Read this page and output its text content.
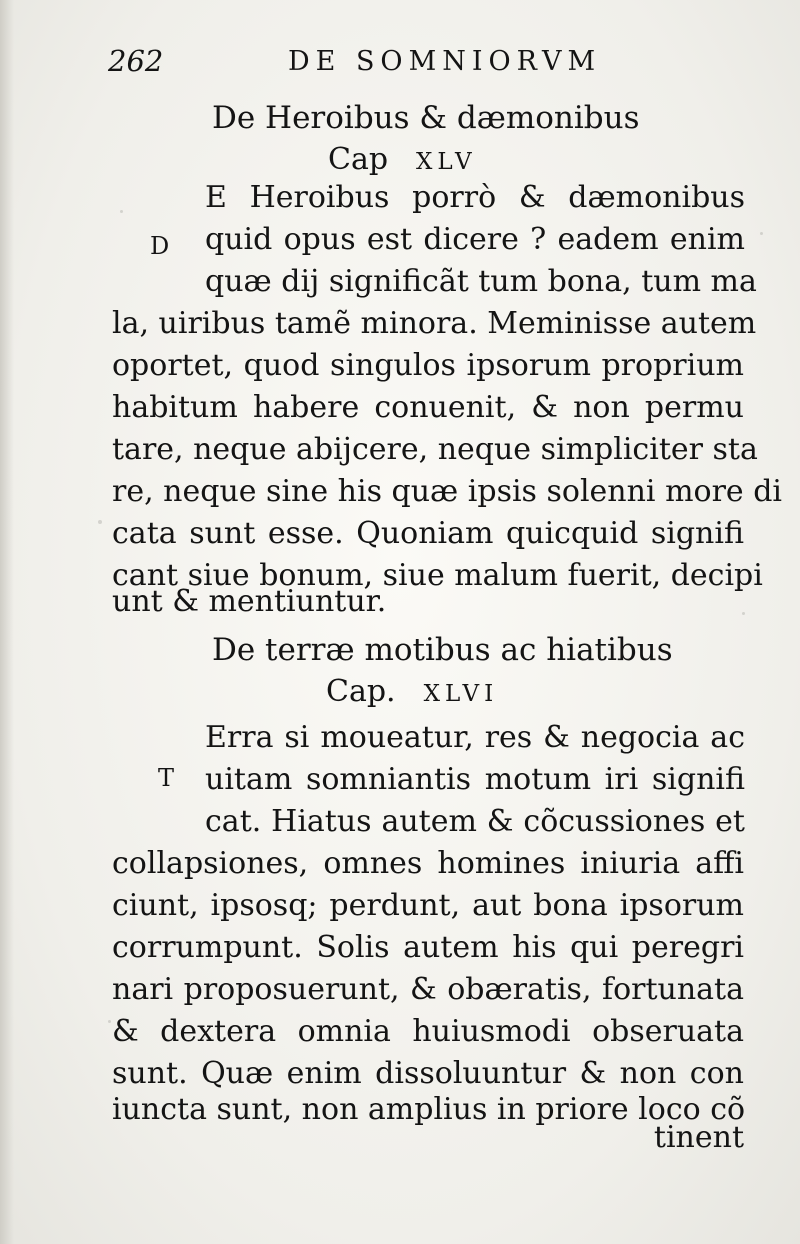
262	DE SOMNIORVM
De Heroibus & dæmonibus
Cap XLV
D
E Heroibus porrò & dæmonibus
quid opus est dicere ? eadem enim
quæ dij significãt tum bona, tum ma
la, uiribus tamẽ minora. Meminisse autem
oportet, quod singulos ipsorum proprium
habitum habere conuenit, & non permu
tare, neque abijcere, neque simpliciter sta
re, neque sine his quæ ipsis solenni more di
cata sunt esse. Quoniam quicquid signifi
cant siue bonum, siue malum fuerit, decipi
unt & mentiuntur.
De terræ motibus ac hiatibus
Cap. XLVI
T
Erra si moueatur, res & negocia ac
uitam somniantis motum iri signifi
cat. Hiatus autem & cõcussiones et
collapsiones, omnes homines iniuria affi
ciunt, ipsosq; perdunt, aut bona ipsorum
corrumpunt. Solis autem his qui peregri
nari proposuerunt, & obæratis, fortunata
& dextera omnia huiusmodi obseruata
sunt. Quæ enim dissoluuntur & non con
iuncta sunt, non amplius in priore loco cõ
tinent
